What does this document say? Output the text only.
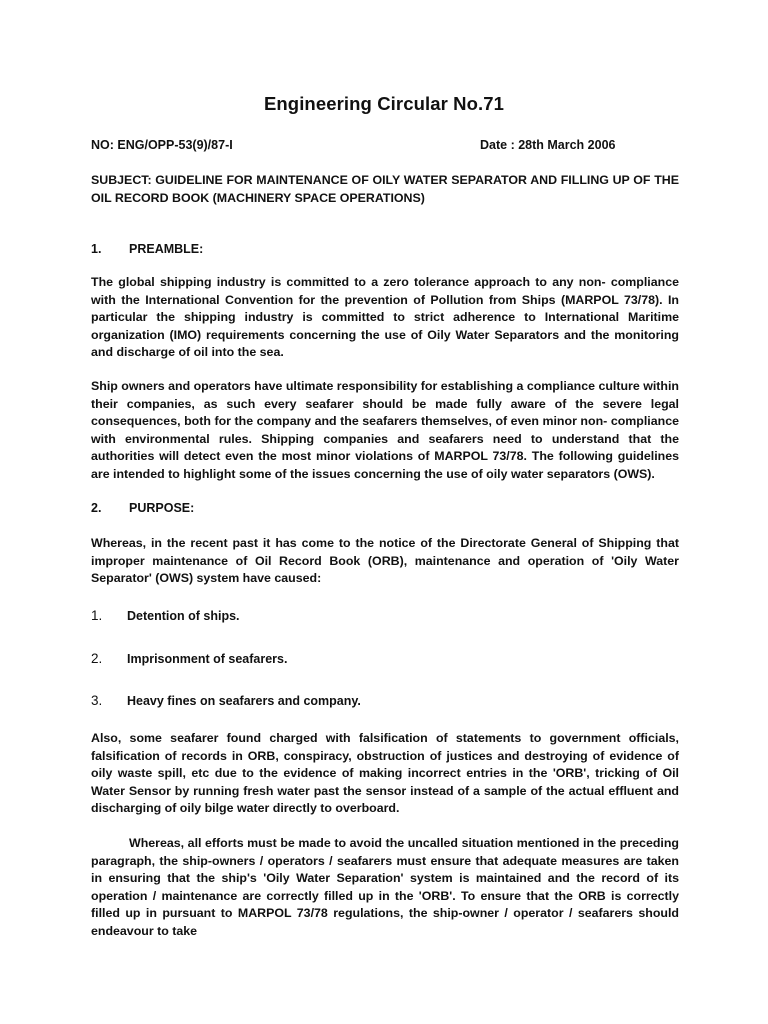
Engineering Circular No.71
NO: ENG/OPP-53(9)/87-I	Date : 28th March 2006
SUBJECT: GUIDELINE FOR MAINTENANCE OF OILY WATER SEPARATOR AND FILLING UP OF THE OIL RECORD BOOK (MACHINERY SPACE OPERATIONS)
1. PREAMBLE:
The global shipping industry is committed to a zero tolerance approach to any non- compliance with the International Convention for the prevention of Pollution from Ships (MARPOL 73/78). In particular the shipping industry is committed to strict adherence to International Maritime organization (IMO) requirements concerning the use of Oily Water Separators and the monitoring and discharge of oil into the sea.
Ship owners and operators have ultimate responsibility for establishing a compliance culture within their companies, as such every seafarer should be made fully aware of the severe legal consequences, both for the company and the seafarers themselves, of even minor non- compliance with environmental rules. Shipping companies and seafarers need to understand that the authorities will detect even the most minor violations of MARPOL 73/78. The following guidelines are intended to highlight some of the issues concerning the use of oily water separators (OWS).
2. PURPOSE:
Whereas, in the recent past it has come to the notice of the Directorate General of Shipping that improper maintenance of Oil Record Book (ORB), maintenance and operation of 'Oily Water Separator' (OWS) system have caused:
1. Detention of ships.
2. Imprisonment of seafarers.
3. Heavy fines on seafarers and company.
Also, some seafarer found charged with falsification of statements to government officials, falsification of records in ORB, conspiracy, obstruction of justices and destroying of evidence of oily waste spill, etc due to the evidence of making incorrect entries in the 'ORB', tricking of Oil Water Sensor by running fresh water past the sensor instead of a sample of the actual effluent and discharging of oily bilge water directly to overboard.
Whereas, all efforts must be made to avoid the uncalled situation mentioned in the preceding paragraph, the ship-owners / operators / seafarers must ensure that adequate measures are taken in ensuring that the ship's 'Oily Water Separation' system is maintained and the record of its operation / maintenance are correctly filled up in the 'ORB'. To ensure that the ORB is correctly filled up in pursuant to MARPOL 73/78 regulations, the ship-owner / operator / seafarers should endeavour to take
